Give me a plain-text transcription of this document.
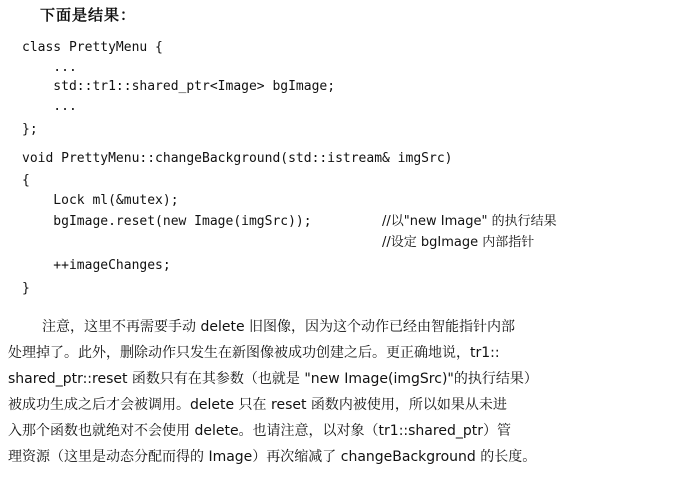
下面是结果：
class PrettyMenu {
...
std::tr1::shared_ptr<Image> bgImage;
...
};
void PrettyMenu::changeBackground(std::istream& imgSrc)
{
Lock ml(&mutex);
bgImage.reset(new Image(imgSrc));	//以"new Image" 的执行结果
//设定 bgImage 内部指针
++imageChanges;
}
注意，这里不再需要手动 delete 旧图像，因为这个动作已经由智能指针内部
处理掉了。此外，删除动作只发生在新图像被成功创建之后。更正确地说，tr1::
shared_ptr::reset 函数只有在其参数（也就是 "new Image(imgSrc)"的执行结果）
被成功生成之后才会被调用。delete 只在 reset 函数内被使用，所以如果从未进
入那个函数也就绝对不会使用 delete。也请注意，以对象（tr1::shared_ptr）管
理资源（这里是动态分配而得的 Image）再次缩减了 changeBackground 的长度。
